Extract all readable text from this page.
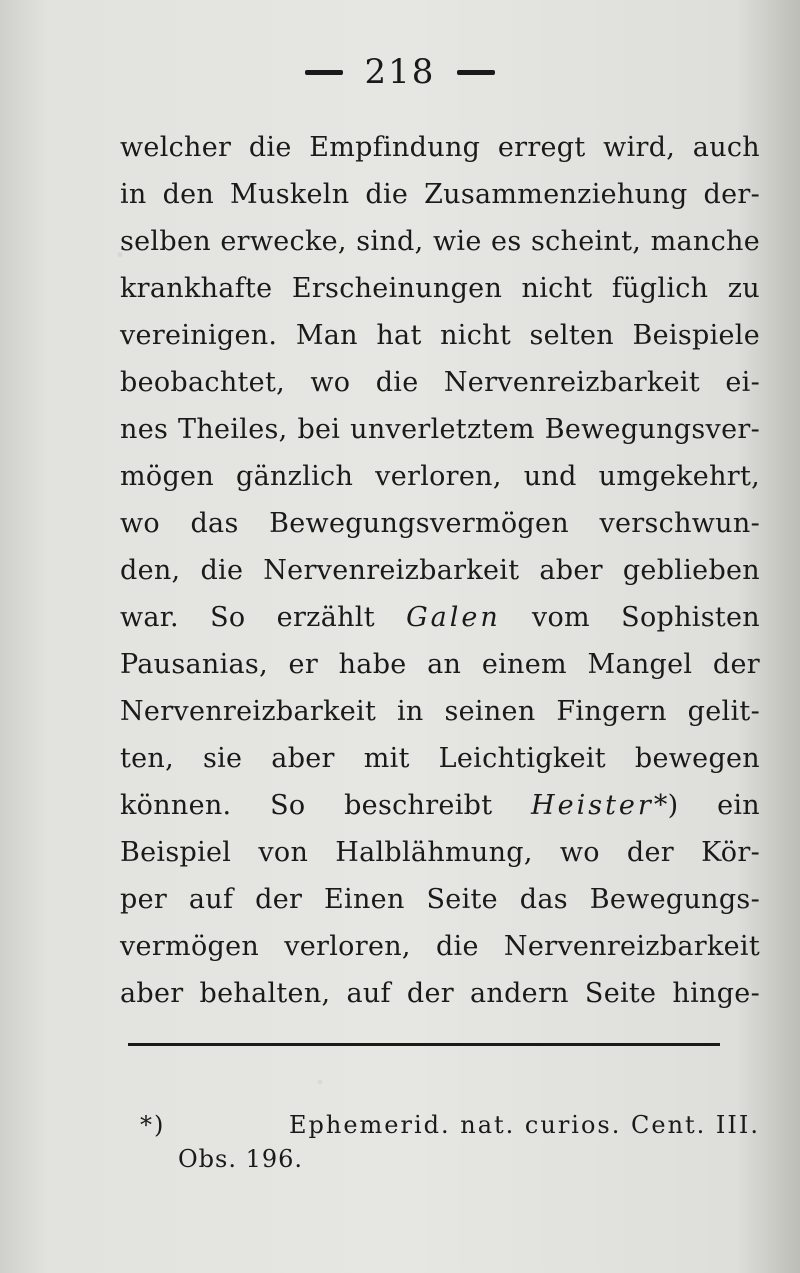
218
welcher die Empfindung erregt wird, auch
in den Muskeln die Zusammenziehung der-
selben erwecke, sind, wie es scheint, manche
krankhafte Erscheinungen nicht füglich zu
vereinigen. Man hat nicht selten Beispiele
beobachtet, wo die Nervenreizbarkeit ei-
nes Theiles, bei unverletztem Bewegungsver-
mögen gänzlich verloren, und umgekehrt,
wo das Bewegungsvermögen verschwun-
den, die Nervenreizbarkeit aber geblieben
war. So erzählt Galen vom Sophisten
Pausanias, er habe an einem Mangel der
Nervenreizbarkeit in seinen Fingern gelit-
ten, sie aber mit Leichtigkeit bewegen
können. So beschreibt Heister*) ein
Beispiel von Halblähmung, wo der Kör-
per auf der Einen Seite das Bewegungs-
vermögen verloren, die Nervenreizbarkeit
aber behalten, auf der andern Seite hinge-
*)	Ephemerid. nat. curios. Cent. III.
Obs. 196.
